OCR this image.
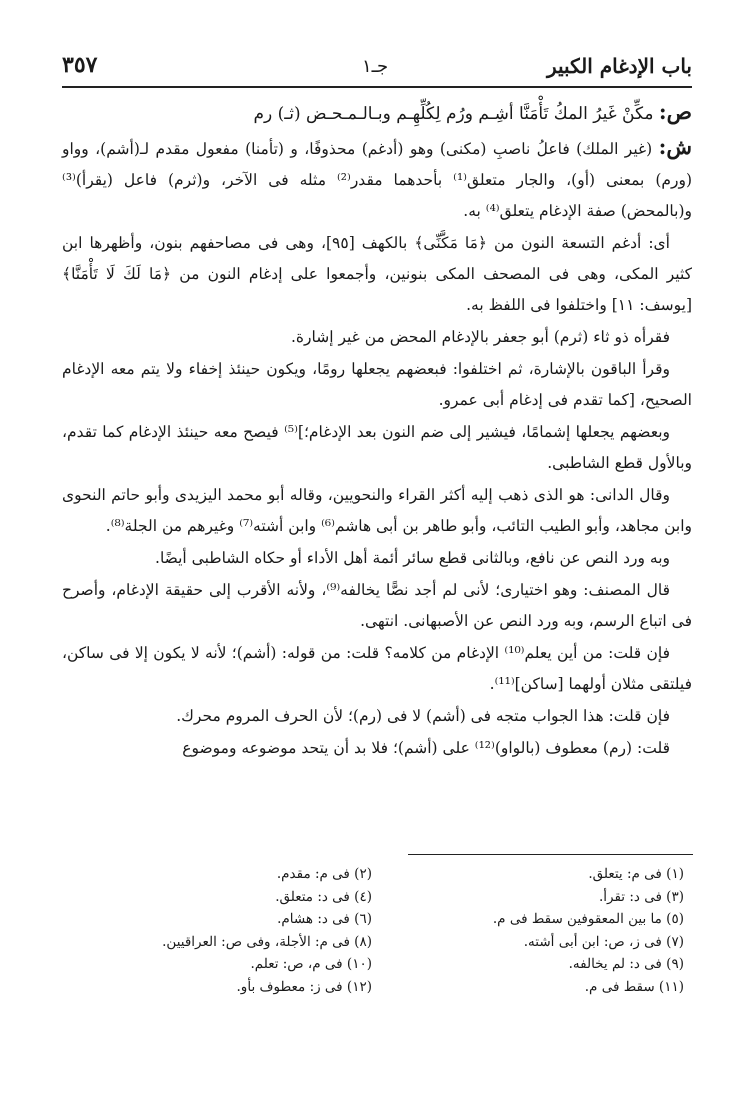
باب الإدغام الكبير
جـ١
٣٥٧

ص: مكِّنْ غَيرُ المكُ تَأْمَنَّا أشِـم ورُم لِكُلِّهِـم وبـالـمـحـض (ثـ) رم

ش: (غير الملك) فاعلُ ناصبِ (مكنى) وهو (أدغم) محذوفًا، و (تأمنا) مفعول مقدم لـ(أشم)، وواو (ورم) بمعنى (أو)، والجار متعلق⁽¹⁾ بأحدهما مقدر⁽²⁾ مثله فى الآخر، و(ثرم) فاعل (يقرأ)⁽³⁾ و(بالمحض) صفة الإدغام يتعلق⁽⁴⁾ به.

أى: أدغم التسعة النون من ﴿مَا مَكَّنِّى﴾ بالكهف [٩٥]، وهى فى مصاحفهم بنون، وأظهرها ابن كثير المكى، وهى فى المصحف المكى بنونين، وأجمعوا على إدغام النون من ﴿مَا لَكَ لَا تَأْمَنَّا﴾ [يوسف: ١١] واختلفوا فى اللفظ به.

فقرأه ذو ثاء (ثرم) أبو جعفر بالإدغام المحض من غير إشارة.

وقرأ الباقون بالإشارة، ثم اختلفوا: فبعضهم يجعلها رومًا، ويكون حينئذ إخفاء ولا يتم معه الإدغام الصحيح، [كما تقدم فى إدغام أبى عمرو.

وبعضهم يجعلها إشمامًا، فيشير إلى ضم النون بعد الإدغام؛]⁽⁵⁾ فيصح معه حينئذ الإدغام كما تقدم، وبالأول قطع الشاطبى.

وقال الدانى: هو الذى ذهب إليه أكثر القراء والنحويين، وقاله أبو محمد اليزيدى وأبو حاتم النحوى وابن مجاهد، وأبو الطيب التائب، وأبو طاهر بن أبى هاشم⁽⁶⁾ وابن أشته⁽⁷⁾ وغيرهم من الجلة⁽⁸⁾.

وبه ورد النص عن نافع، وبالثانى قطع سائر أئمة أهل الأداء أو حكاه الشاطبى أيضًا.

قال المصنف: وهو اختيارى؛ لأنى لم أجد نصًّا يخالفه⁽⁹⁾، ولأنه الأقرب إلى حقيقة الإدغام، وأصرح فى اتباع الرسم، وبه ورد النص عن الأصبهانى. انتهى.

فإن قلت: من أين يعلم⁽¹⁰⁾ الإدغام من كلامه؟ قلت: من قوله: (أشم)؛ لأنه لا يكون إلا فى ساكن، فيلتقى مثلان أولهما [ساكن]⁽¹¹⁾.

فإن قلت: هذا الجواب متجه فى (أشم) لا فى (رم)؛ لأن الحرف المروم محرك.

قلت: (رم) معطوف (بالواو)⁽¹²⁾ على (أشم)؛ فلا بد أن يتحد موضوعه وموضوع

(١) فى م: يتعلق.
(٢) فى م: مقدم.
(٣) فى د: تقرأ.
(٤) فى د: متعلق.
(٥) ما بين المعقوفين سقط فى م.
(٦) فى د: هشام.
(٧) فى ز، ص: ابن أبى أشته.
(٨) فى م: الأجلة، وفى ص: العراقيين.
(٩) فى د: لم يخالفه.
(١٠) فى م، ص: تعلم.
(١١) سقط فى م.
(١٢) فى ز: معطوف بأو.
